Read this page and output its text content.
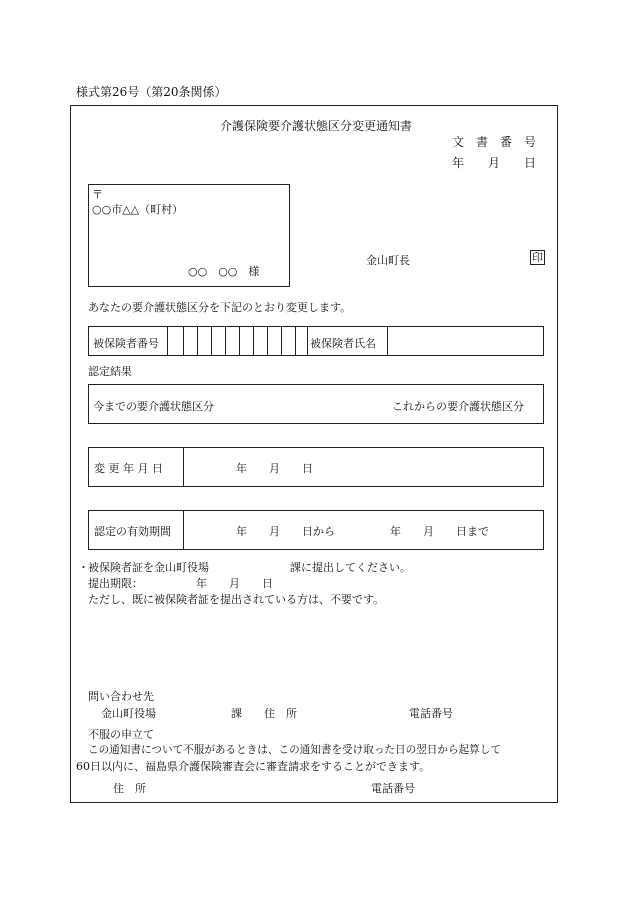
様式第26号（第20条関係）
介護保険要介護状態区分変更通知書
文　書　番　号
年　　月　　日
〒
○○市△△（町村）
○○　○○　様
金山町長	印
あなたの要介護状態区分を下記のとおり変更します。
被保険者番号	被保険者氏名
認定結果
今までの要介護状態区分	これからの要介護状態区分
変 更 年 月 日	年　　月　　日
認定の有効期間	年　　月　　日から	年　　月　　日まで
・ 被保険者証を金山町役場	課に提出してください。
提出期限：	年　　月　　日
ただし、既に被保険者証を提出されている方は、不要です。
問い合わせ先
金山町役場	課　　住　所	電話番号
不服の申立て
この通知書について不服があるときは、この通知書を受け取った日の翌日から起算して
60日以内に、福島県介護保険審査会に審査請求をすることができます。
住　所	電話番号
